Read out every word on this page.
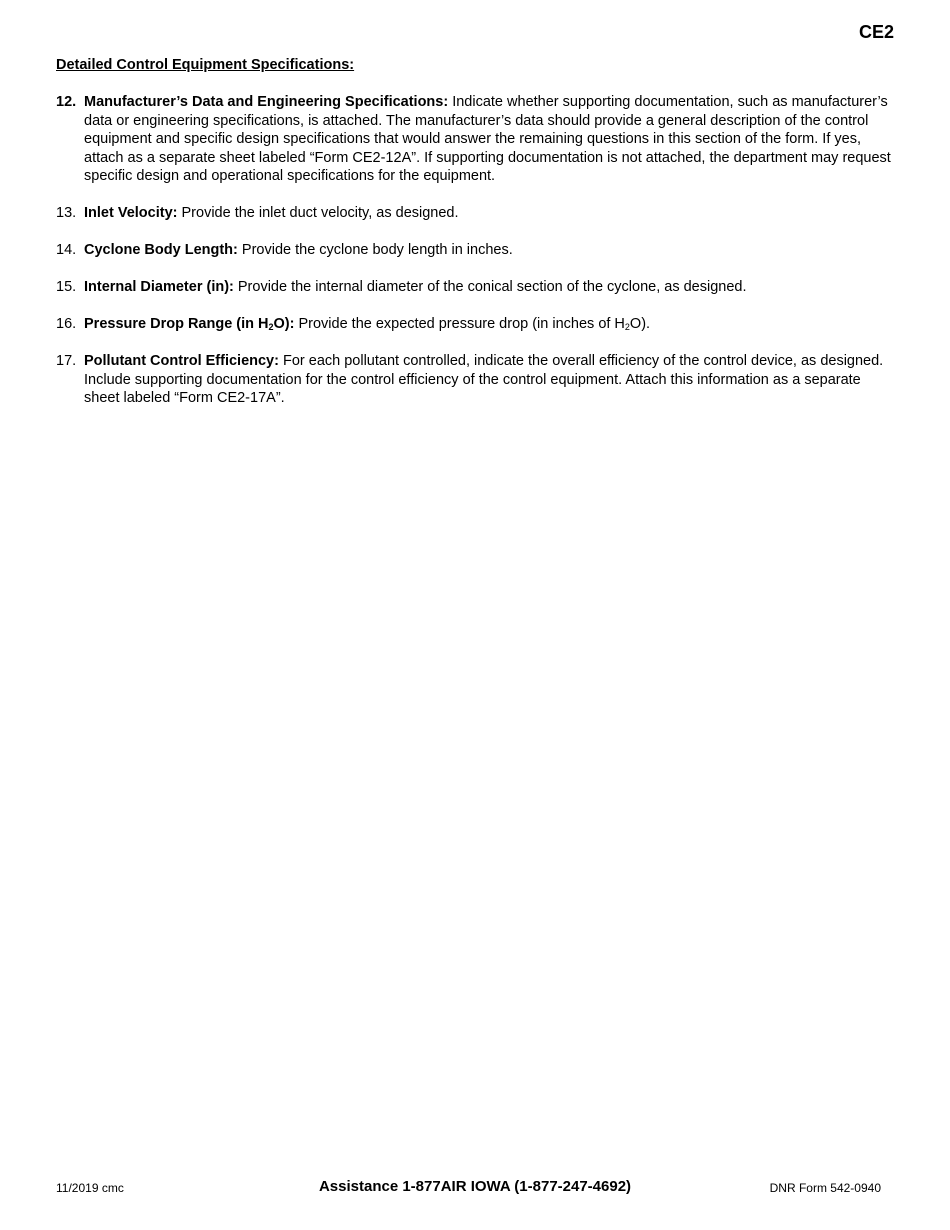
CE2
Detailed Control Equipment Specifications:
12. Manufacturer’s Data and Engineering Specifications: Indicate whether supporting documentation, such as manufacturer’s data or engineering specifications, is attached. The manufacturer’s data should provide a general description of the control equipment and specific design specifications that would answer the remaining questions in this section of the form. If yes, attach as a separate sheet labeled “Form CE2-12A”. If supporting documentation is not attached, the department may request specific design and operational specifications for the equipment.
13. Inlet Velocity: Provide the inlet duct velocity, as designed.
14. Cyclone Body Length: Provide the cyclone body length in inches.
15. Internal Diameter (in): Provide the internal diameter of the conical section of the cyclone, as designed.
16. Pressure Drop Range (in $H_2O$): Provide the expected pressure drop (in inches of $H_2O$).
17. Pollutant Control Efficiency: For each pollutant controlled, indicate the overall efficiency of the control device, as designed. Include supporting documentation for the control efficiency of the control equipment. Attach this information as a separate sheet labeled “Form CE2-17A”.
11/2019 cmc	Assistance 1-877AIR IOWA (1-877-247-4692)	DNR Form 542-0940
